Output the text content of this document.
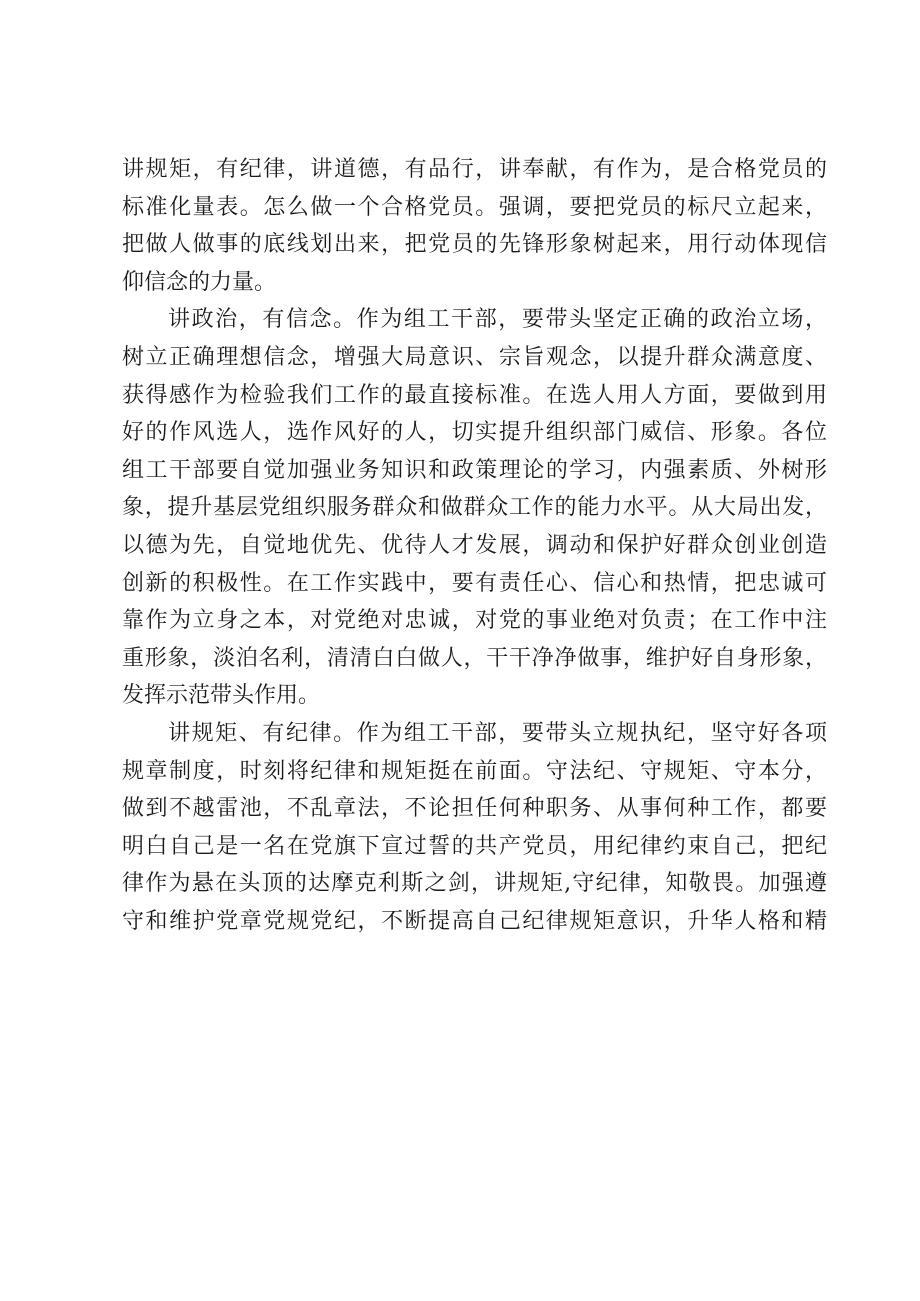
讲规矩，有纪律，讲道德，有品行，讲奉献，有作为，是合格党员的
标准化量表。怎么做一个合格党员。强调，要把党员的标尺立起来，
把做人做事的底线划出来，把党员的先锋形象树起来，用行动体现信
仰信念的力量。
讲政治，有信念。作为组工干部，要带头坚定正确的政治立场，
树立正确理想信念，增强大局意识、宗旨观念，以提升群众满意度、
获得感作为检验我们工作的最直接标准。在选人用人方面，要做到用
好的作风选人，选作风好的人，切实提升组织部门威信、形象。各位
组工干部要自觉加强业务知识和政策理论的学习，内强素质、外树形
象，提升基层党组织服务群众和做群众工作的能力水平。从大局出发，
以德为先，自觉地优先、优待人才发展，调动和保护好群众创业创造
创新的积极性。在工作实践中，要有责任心、信心和热情，把忠诚可
靠作为立身之本，对党绝对忠诚，对党的事业绝对负责；在工作中注
重形象，淡泊名利，清清白白做人，干干净净做事，维护好自身形象，
发挥示范带头作用。
讲规矩、有纪律。作为组工干部，要带头立规执纪，坚守好各项
规章制度，时刻将纪律和规矩挺在前面。守法纪、守规矩、守本分，
做到不越雷池，不乱章法，不论担任何种职务、从事何种工作，都要
明白自己是一名在党旗下宣过誓的共产党员，用纪律约束自己，把纪
律作为悬在头顶的达摩克利斯之剑，讲规矩,守纪律，知敬畏。加强遵
守和维护党章党规党纪，不断提高自己纪律规矩意识，升华人格和精
